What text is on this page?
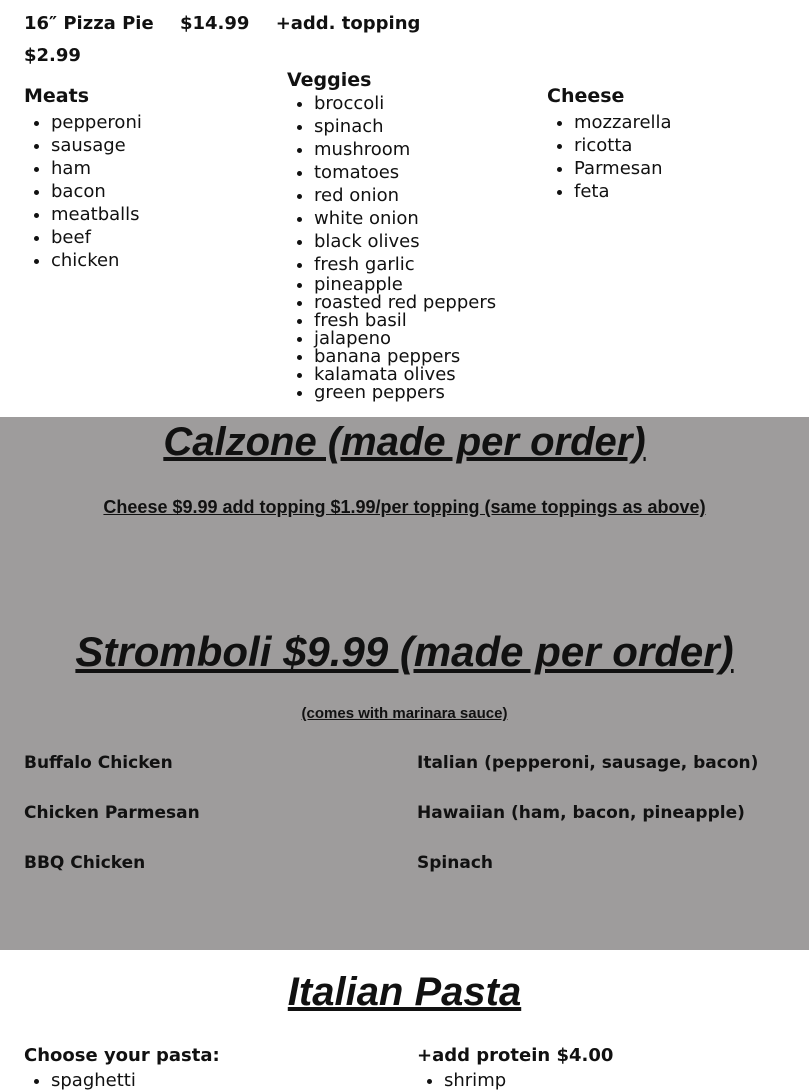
16″ Pizza Pie $14.99 +add. topping
$2.99
Meats
• pepperoni
• sausage
• ham
• bacon
• meatballs
• beef
• chicken
Veggies
• broccoli
• spinach
• mushroom
• tomatoes
• red onion
• white onion
• black olives
• fresh garlic
• pineapple
• roasted red peppers
• fresh basil
• jalapeno
• banana peppers
• kalamata olives
• green peppers
Cheese
• mozzarella
• ricotta
• Parmesan
• feta
Calzone (made per order)
Cheese $9.99 add topping $1.99/per topping (same toppings as above)
Stromboli $9.99 (made per order)
(comes with marinara sauce)
Buffalo Chicken
Chicken Parmesan
BBQ Chicken
Italian (pepperoni, sausage, bacon)
Hawaiian (ham, bacon, pineapple)
Spinach
Italian Pasta
Choose your pasta:
• spaghetti
+add protein $4.00
• shrimp
